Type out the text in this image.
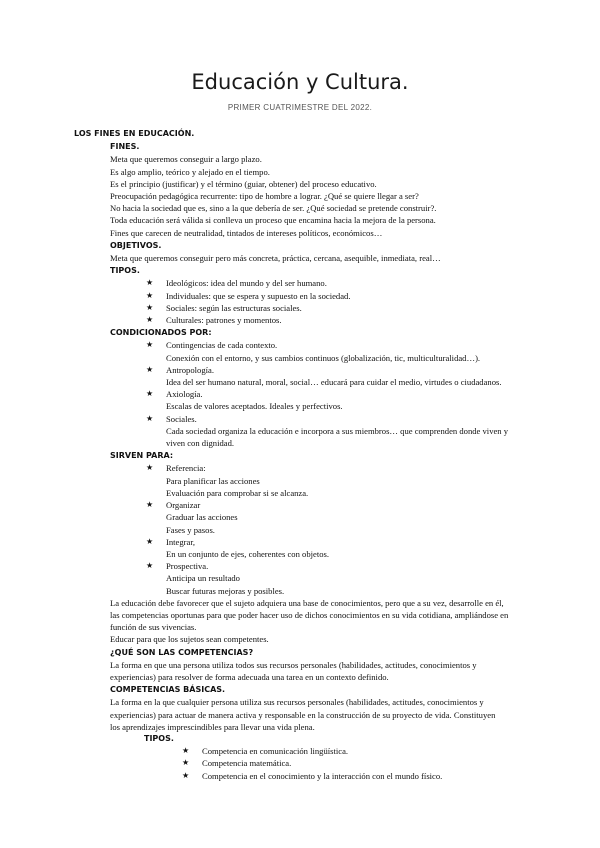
Educación y Cultura.
PRIMER CUATRIMESTRE DEL 2022.
LOS FINES EN EDUCACIÓN.
FINES.
Meta que queremos conseguir a largo plazo.
Es algo amplio, teórico y alejado en el tiempo.
Es el principio (justificar) y el término (guiar, obtener) del proceso educativo.
Preocupación pedagógica recurrente: tipo de hombre a lograr. ¿Qué se quiere llegar a ser?
No hacia la sociedad que es, sino a la que debería de ser. ¿Qué sociedad se pretende construir?.
Toda educación será válida si conlleva un proceso que encamina hacia la mejora de la persona.
Fines que carecen de neutralidad, tintados de intereses políticos, económicos…
OBJETIVOS.
Meta que queremos conseguir pero más concreta, práctica, cercana, asequible, inmediata, real…
TIPOS.
★ Ideológicos: idea del mundo y del ser humano.
★ Individuales: que se espera y supuesto en la sociedad.
★ Sociales: según las estructuras sociales.
★ Culturales: patrones y momentos.
CONDICIONADOS POR:
★ Contingencias de cada contexto.
Conexión con el entorno, y sus cambios continuos (globalización, tic, multiculturalidad…).
★ Antropología.
Idea del ser humano natural, moral, social… educará para cuidar el medio, virtudes o ciudadanos.
★ Axiología.
Escalas de valores aceptados. Ideales y perfectivos.
★ Sociales.
Cada sociedad organiza la educación e incorpora a sus miembros… que comprenden donde viven y
viven con dignidad.
SIRVEN PARA:
★ Referencia:
Para planificar las acciones
Evaluación para comprobar si se alcanza.
★ Organizar
Graduar las acciones
Fases y pasos.
★ Integrar,
En un conjunto de ejes, coherentes con objetos.
★ Prospectiva.
Anticipa un resultado
Buscar futuras mejoras y posibles.
La educación debe favorecer que el sujeto adquiera una base de conocimientos, pero que a su vez, desarrolle en él,
las competencias oportunas para que poder hacer uso de dichos conocimientos en su vida cotidiana, ampliándose en
función de sus vivencias.
Educar para que los sujetos sean competentes.
¿QUÉ SON LAS COMPETENCIAS?
La forma en que una persona utiliza todos sus recursos personales (habilidades, actitudes, conocimientos y
experiencias) para resolver de forma adecuada una tarea en un contexto definido.
COMPETENCIAS BÁSICAS.
La forma en la que cualquier persona utiliza sus recursos personales (habilidades, actitudes, conocimientos y
experiencias) para actuar de manera activa y responsable en la construcción de su proyecto de vida. Constituyen
los aprendizajes imprescindibles para llevar una vida plena.
TIPOS.
★ Competencia en comunicación lingüística.
★ Competencia matemática.
★ Competencia en el conocimiento y la interacción con el mundo físico.
